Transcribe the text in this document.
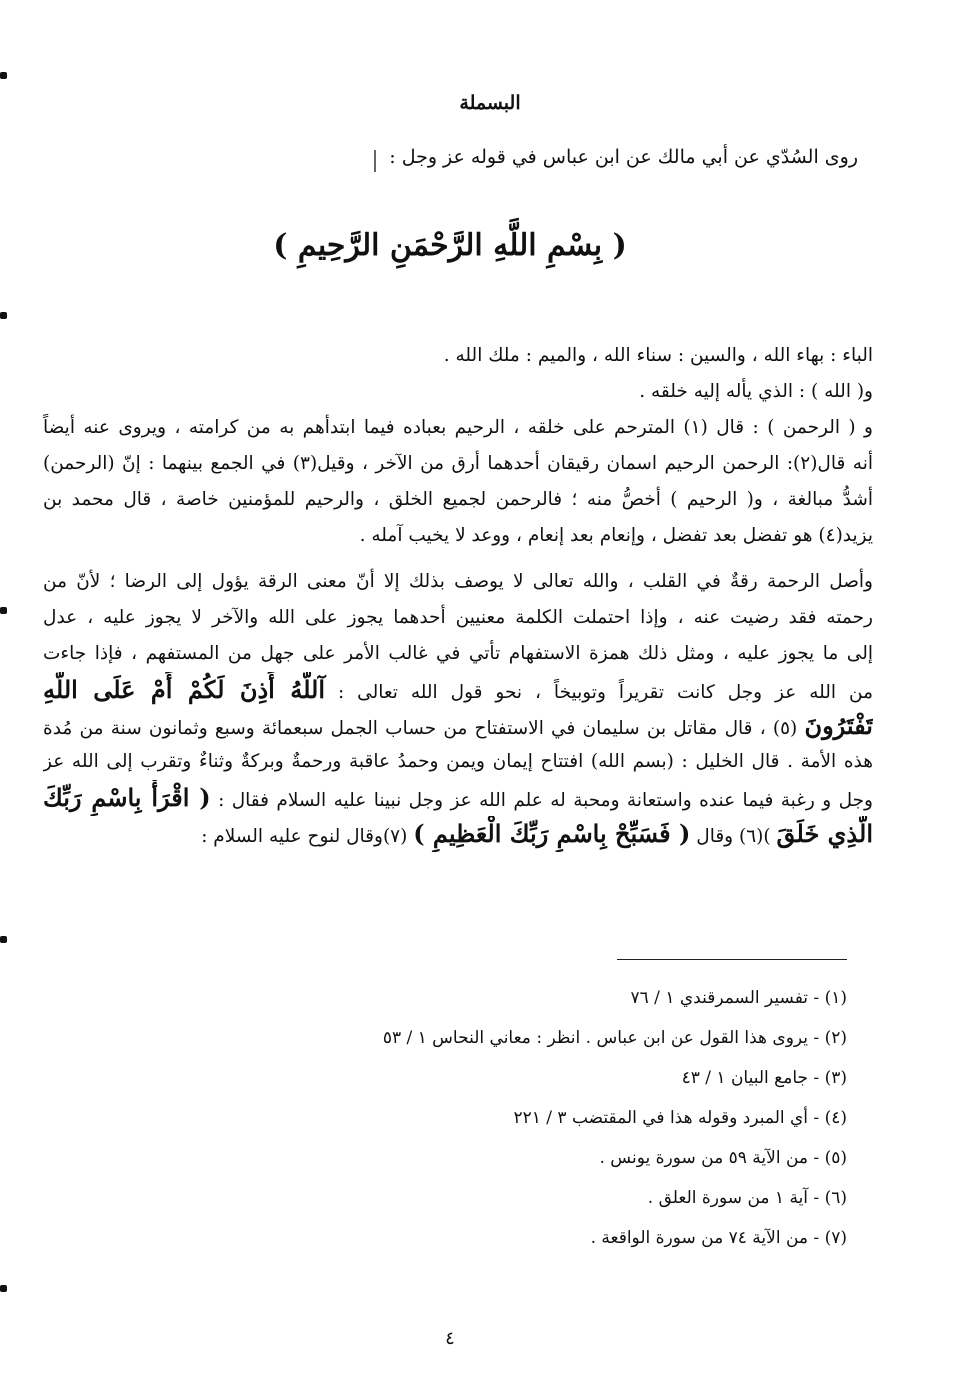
البسملة
روى السُدّي عن أبي مالك عن ابن عباس في قوله عز وجل :
( بِسْمِ اللَّهِ الرَّحْمَنِ الرَّحِيمِ )
الباء : بهاء الله ، والسين : سناء الله ، والميم : ملك الله .
و( الله ) : الذي يأله إليه خلقه .
و ( الرحمن ) : قال (١) المترحم على خلقه ، الرحيم بعباده فيما ابتدأهم به من كرامته ، ويروى عنه أيضاً
أنه قال(٢): الرحمن الرحيم اسمان رقيقان أحدهما أرق من الآخر ، وقيل(٣) في الجمع بينهما : إنّ (الرحمن)
أشدُّ مبالغة ، و( الرحيم ) أخصُّ منه ؛ فالرحمن لجميع الخلق ، والرحيم للمؤمنين خاصة ، قال محمد بن
يزيد(٤) هو تفضل بعد تفضل ، وإنعام بعد إنعام ، ووعد لا يخيب آمله .
وأصل الرحمة رقةٌ في القلب ، والله تعالى لا يوصف بذلك إلا أنّ معنى الرقة يؤول إلى الرضا ؛ لأنّ من
رحمته فقد رضيت عنه ، وإذا احتملت الكلمة معنيين أحدهما يجوز على الله والآخر لا يجوز عليه ، عدل
إلى ما يجوز عليه ، ومثل ذلك همزة الاستفهام تأتي في غالب الأمر على جهل من المستفهم ، فإذا جاءت
من الله عز وجل كانت تقريراً وتوبيخاً ، نحو قول الله تعالى : آللَّهُ أَذِنَ لَكُمْ أَمْ عَلَى اللَّهِ
تَفْتَرُونَ (٥) ، قال مقاتل بن سليمان في الاستفتاح من حساب الجمل سبعمائة وسبع وثمانون سنة من مُدة
هذه الأمة . قال الخليل : (بسم الله) افتتاح إيمان ويمن وحمدُ عاقبة ورحمةٌ وبركةٌ وثناءٌ وتقرب إلى الله عز
وجل و رغبة فيما عنده واستعانة ومحبة له علم الله عز وجل نبينا عليه السلام فقال : ( اقْرَأْ بِاسْمِ رَبِّكَ
الَّذِي خَلَقَ )(٦) وقال ( فَسَبِّحْ بِاسْمِ رَبِّكَ الْعَظِيمِ ) (٧)وقال لنوح عليه السلام :
(١) - تفسير السمرقندي ١ / ٧٦
(٢) - يروى هذا القول عن ابن عباس . انظر : معاني النحاس ١ / ٥٣
(٣) - جامع البيان ١ / ٤٣
(٤) - أي المبرد وقوله هذا في المقتضب ٣ / ٢٢١
(٥) - من الآية ٥٩ من سورة يونس .
(٦) - آية ١ من سورة العلق .
(٧) - من الآية ٧٤ من سورة الواقعة .
٤
